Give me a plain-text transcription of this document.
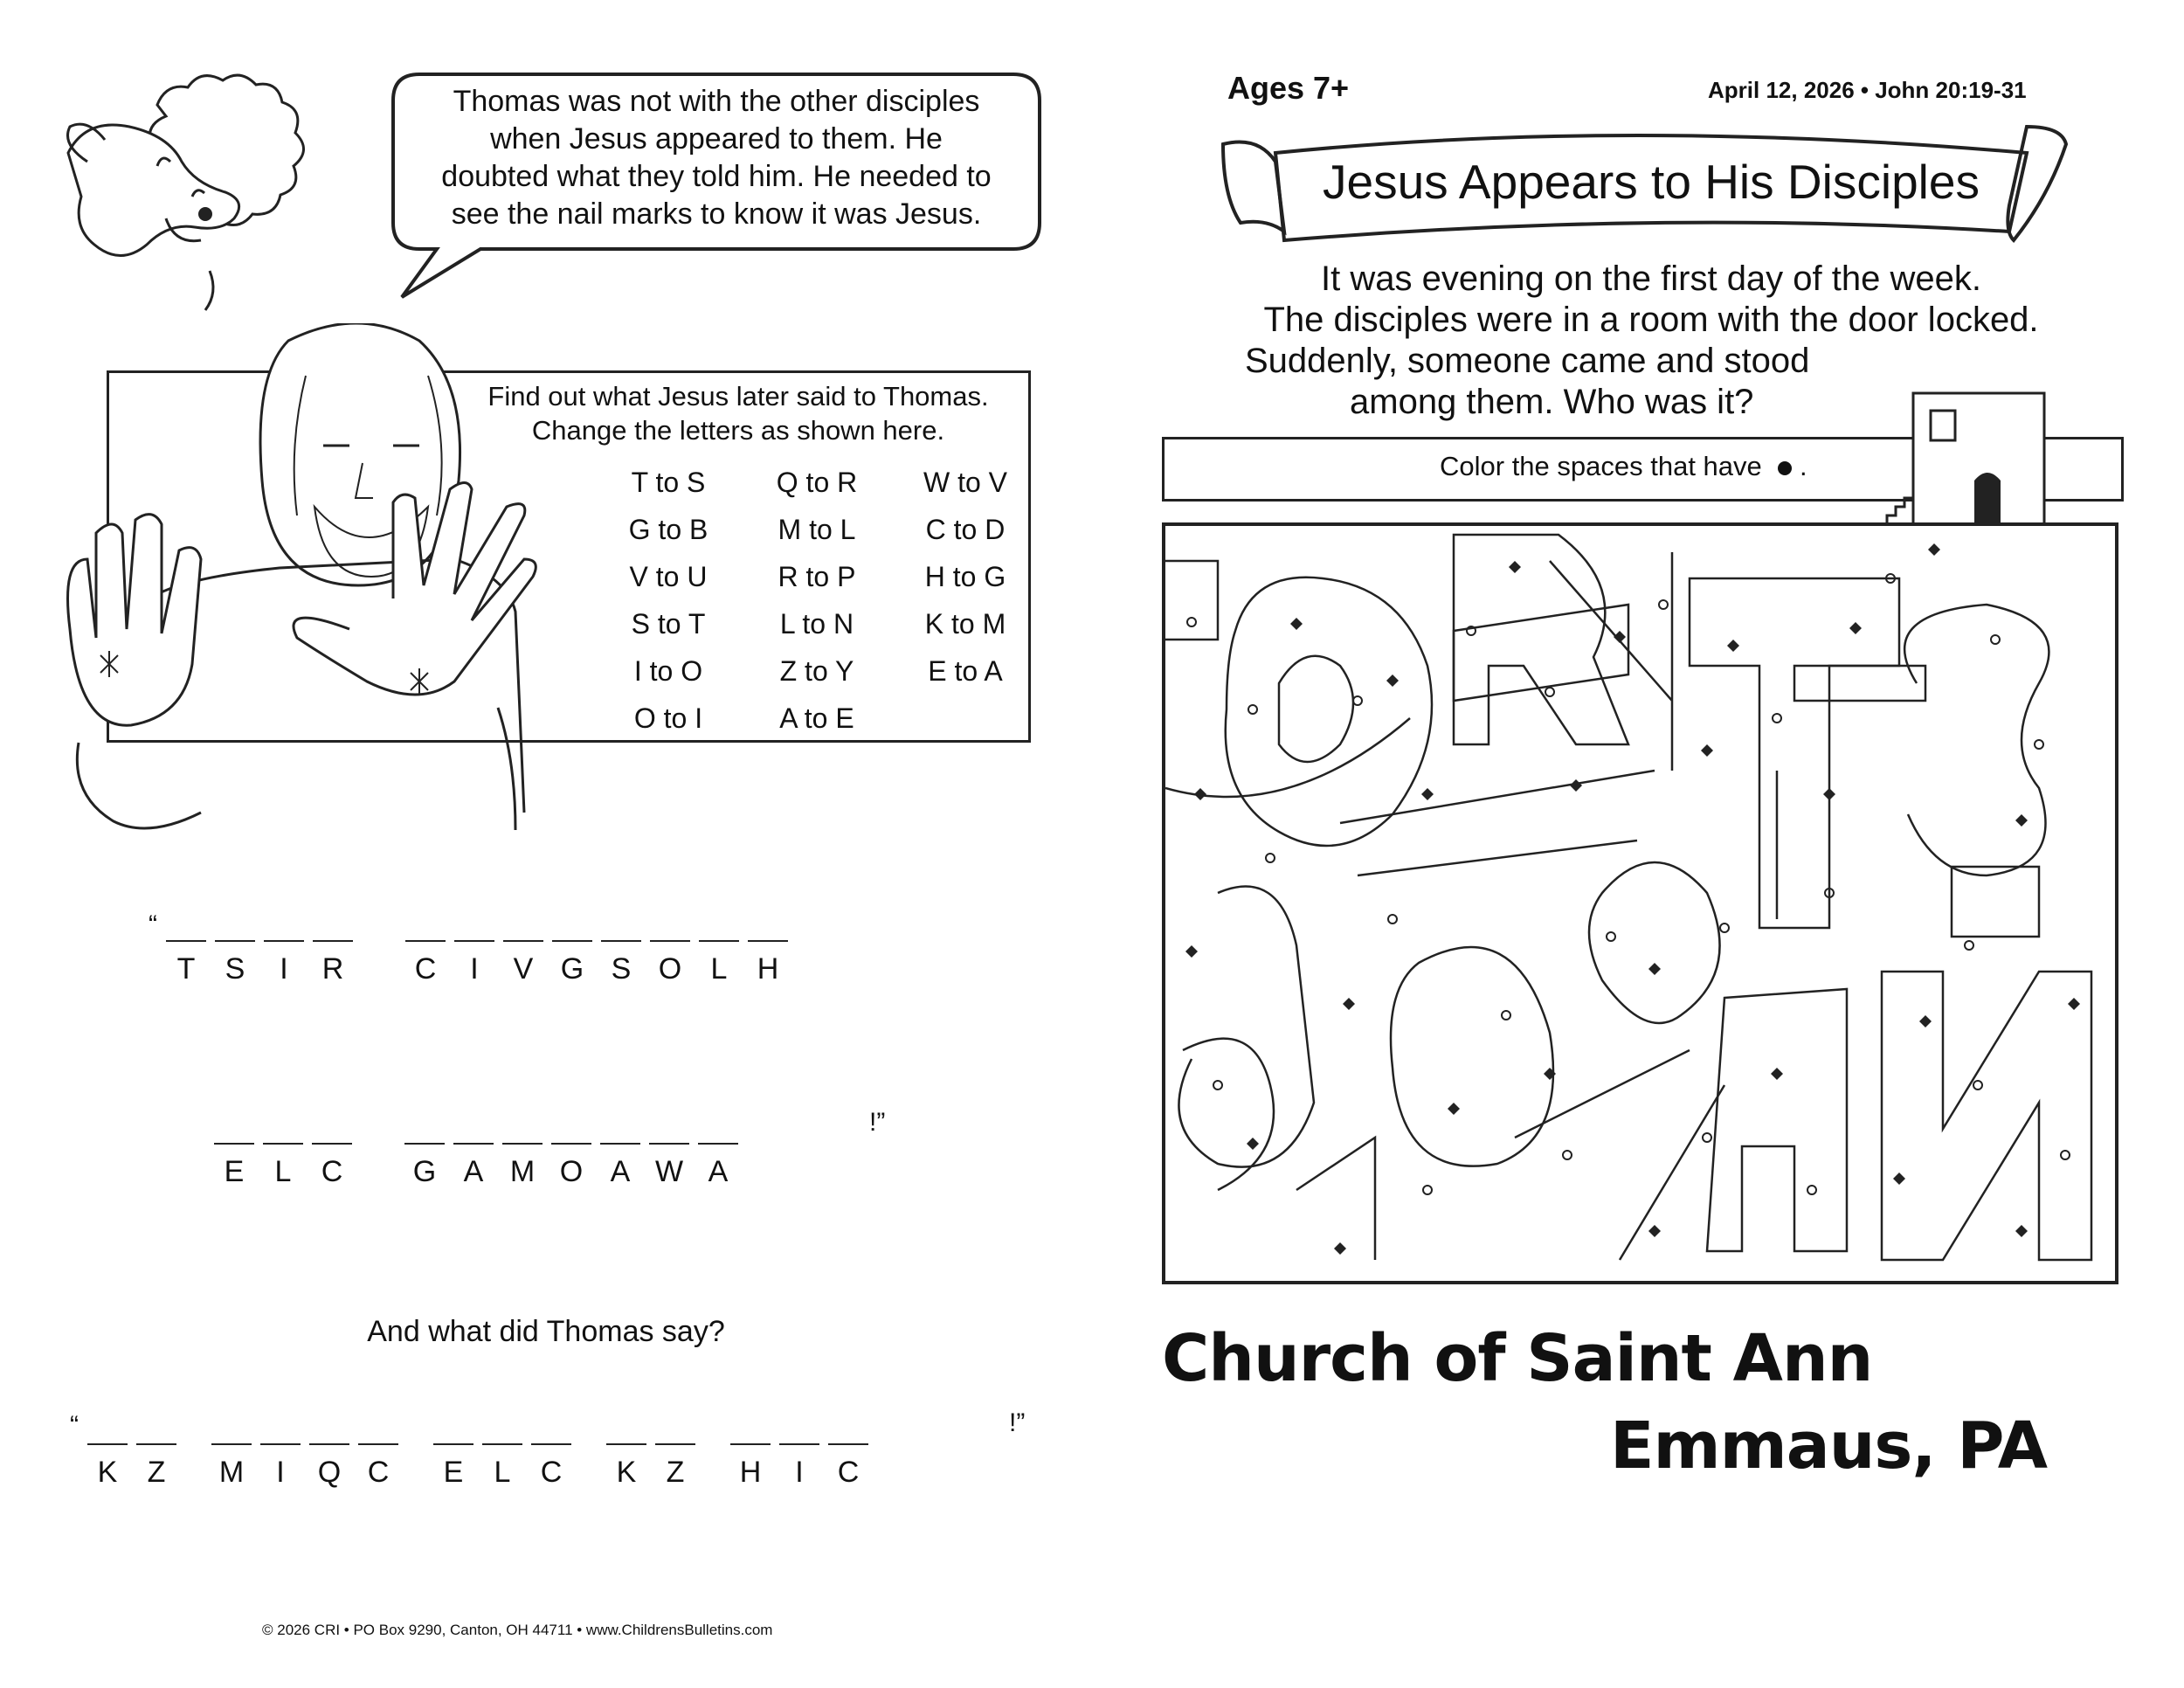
Thomas was not with the other disciples
when Jesus appeared to them. He
doubted what they told him. He needed to
see the nail marks to know it was Jesus.
Find out what Jesus later said to Thomas.
Change the letters as shown here.
T to S	Q to R	W to V
G to B	M to L	C to D
V to U	R to P	H to G
S to T	L to N	K to M
I to O	Z to Y	E to A
O to I	A to E
“
T	S	I	R	C	I	V G S O L	H
E	L	C	G A M O A W A
!”
And what did Thomas say?
“
K	Z	M	I	Q C	E	L	C	K	Z	H	I	C
!”
© 2026 CRI • PO Box 9290, Canton, OH 44711 • www.ChildrensBulletins.com
Ages 7+	April 12, 2026 • John 20:19-31
Jesus Appears to His Disciples
It was evening on the first day of the week.
The disciples were in a room with the door locked.
Suddenly, someone came and stood
among them. Who was it?
Color the spaces that have .
Church of Saint Ann
Emmaus, PA
